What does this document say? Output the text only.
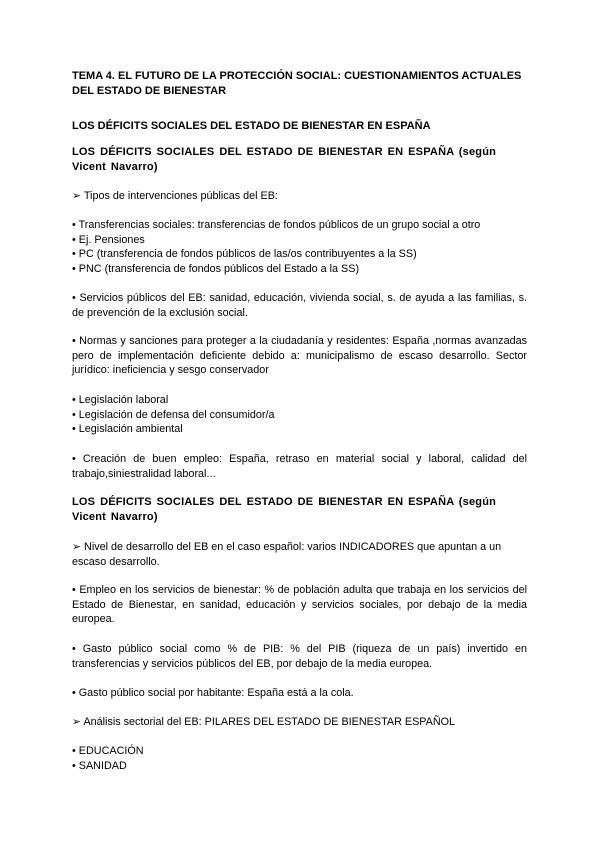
TEMA 4. EL FUTURO DE LA PROTECCIÓN SOCIAL: CUESTIONAMIENTOS ACTUALES
DEL ESTADO DE BIENESTAR

LOS DÉFICITS SOCIALES DEL ESTADO DE BIENESTAR EN ESPAÑA

LOS DÉFICITS SOCIALES DEL ESTADO DE BIENESTAR EN ESPAÑA (según Vicent Navarro)

➢ Tipos de intervenciones públicas del EB:

• Transferencias sociales: transferencias de fondos públicos de un grupo social a otro
• Ej. Pensiones
• PC (transferencia de fondos públicos de las/os contribuyentes a la SS)
• PNC (transferencia de fondos públicos del Estado a la SS)

• Servicios públicos del EB: sanidad, educación, vivienda social, s. de ayuda a las familias, s. de prevención de la exclusión social.

• Normas y sanciones para proteger a la ciudadanía y residentes: España ,normas avanzadas pero de implementación deficiente debido a: municipalismo de escaso desarrollo. Sector jurídico: ineficiencia y sesgo conservador

• Legislación laboral
• Legislación de defensa del consumidor/a
• Legislación ambiental

• Creación de buen empleo: España, retraso en material social y laboral, calidad del trabajo,siniestralidad laboral...

LOS DÉFICITS SOCIALES DEL ESTADO DE BIENESTAR EN ESPAÑA (según Vicent Navarro)

➢ Nivel de desarrollo del EB en el caso español: varios INDICADORES que apuntan a un escaso desarrollo.

• Empleo en los servicios de bienestar: % de población adulta que trabaja en los servicios del Estado de Bienestar, en sanidad, educación y servicios sociales, por debajo de la media europea.

• Gasto público social como % de PIB: % del PIB (riqueza de un país) invertido en transferencias y servicios públicos del EB, por debajo de la media europea.

• Gasto público social por habitante: España está a la cola.

➢ Análisis sectorial del EB: PILARES DEL ESTADO DE BIENESTAR ESPAÑOL

• EDUCACIÓN
• SANIDAD
